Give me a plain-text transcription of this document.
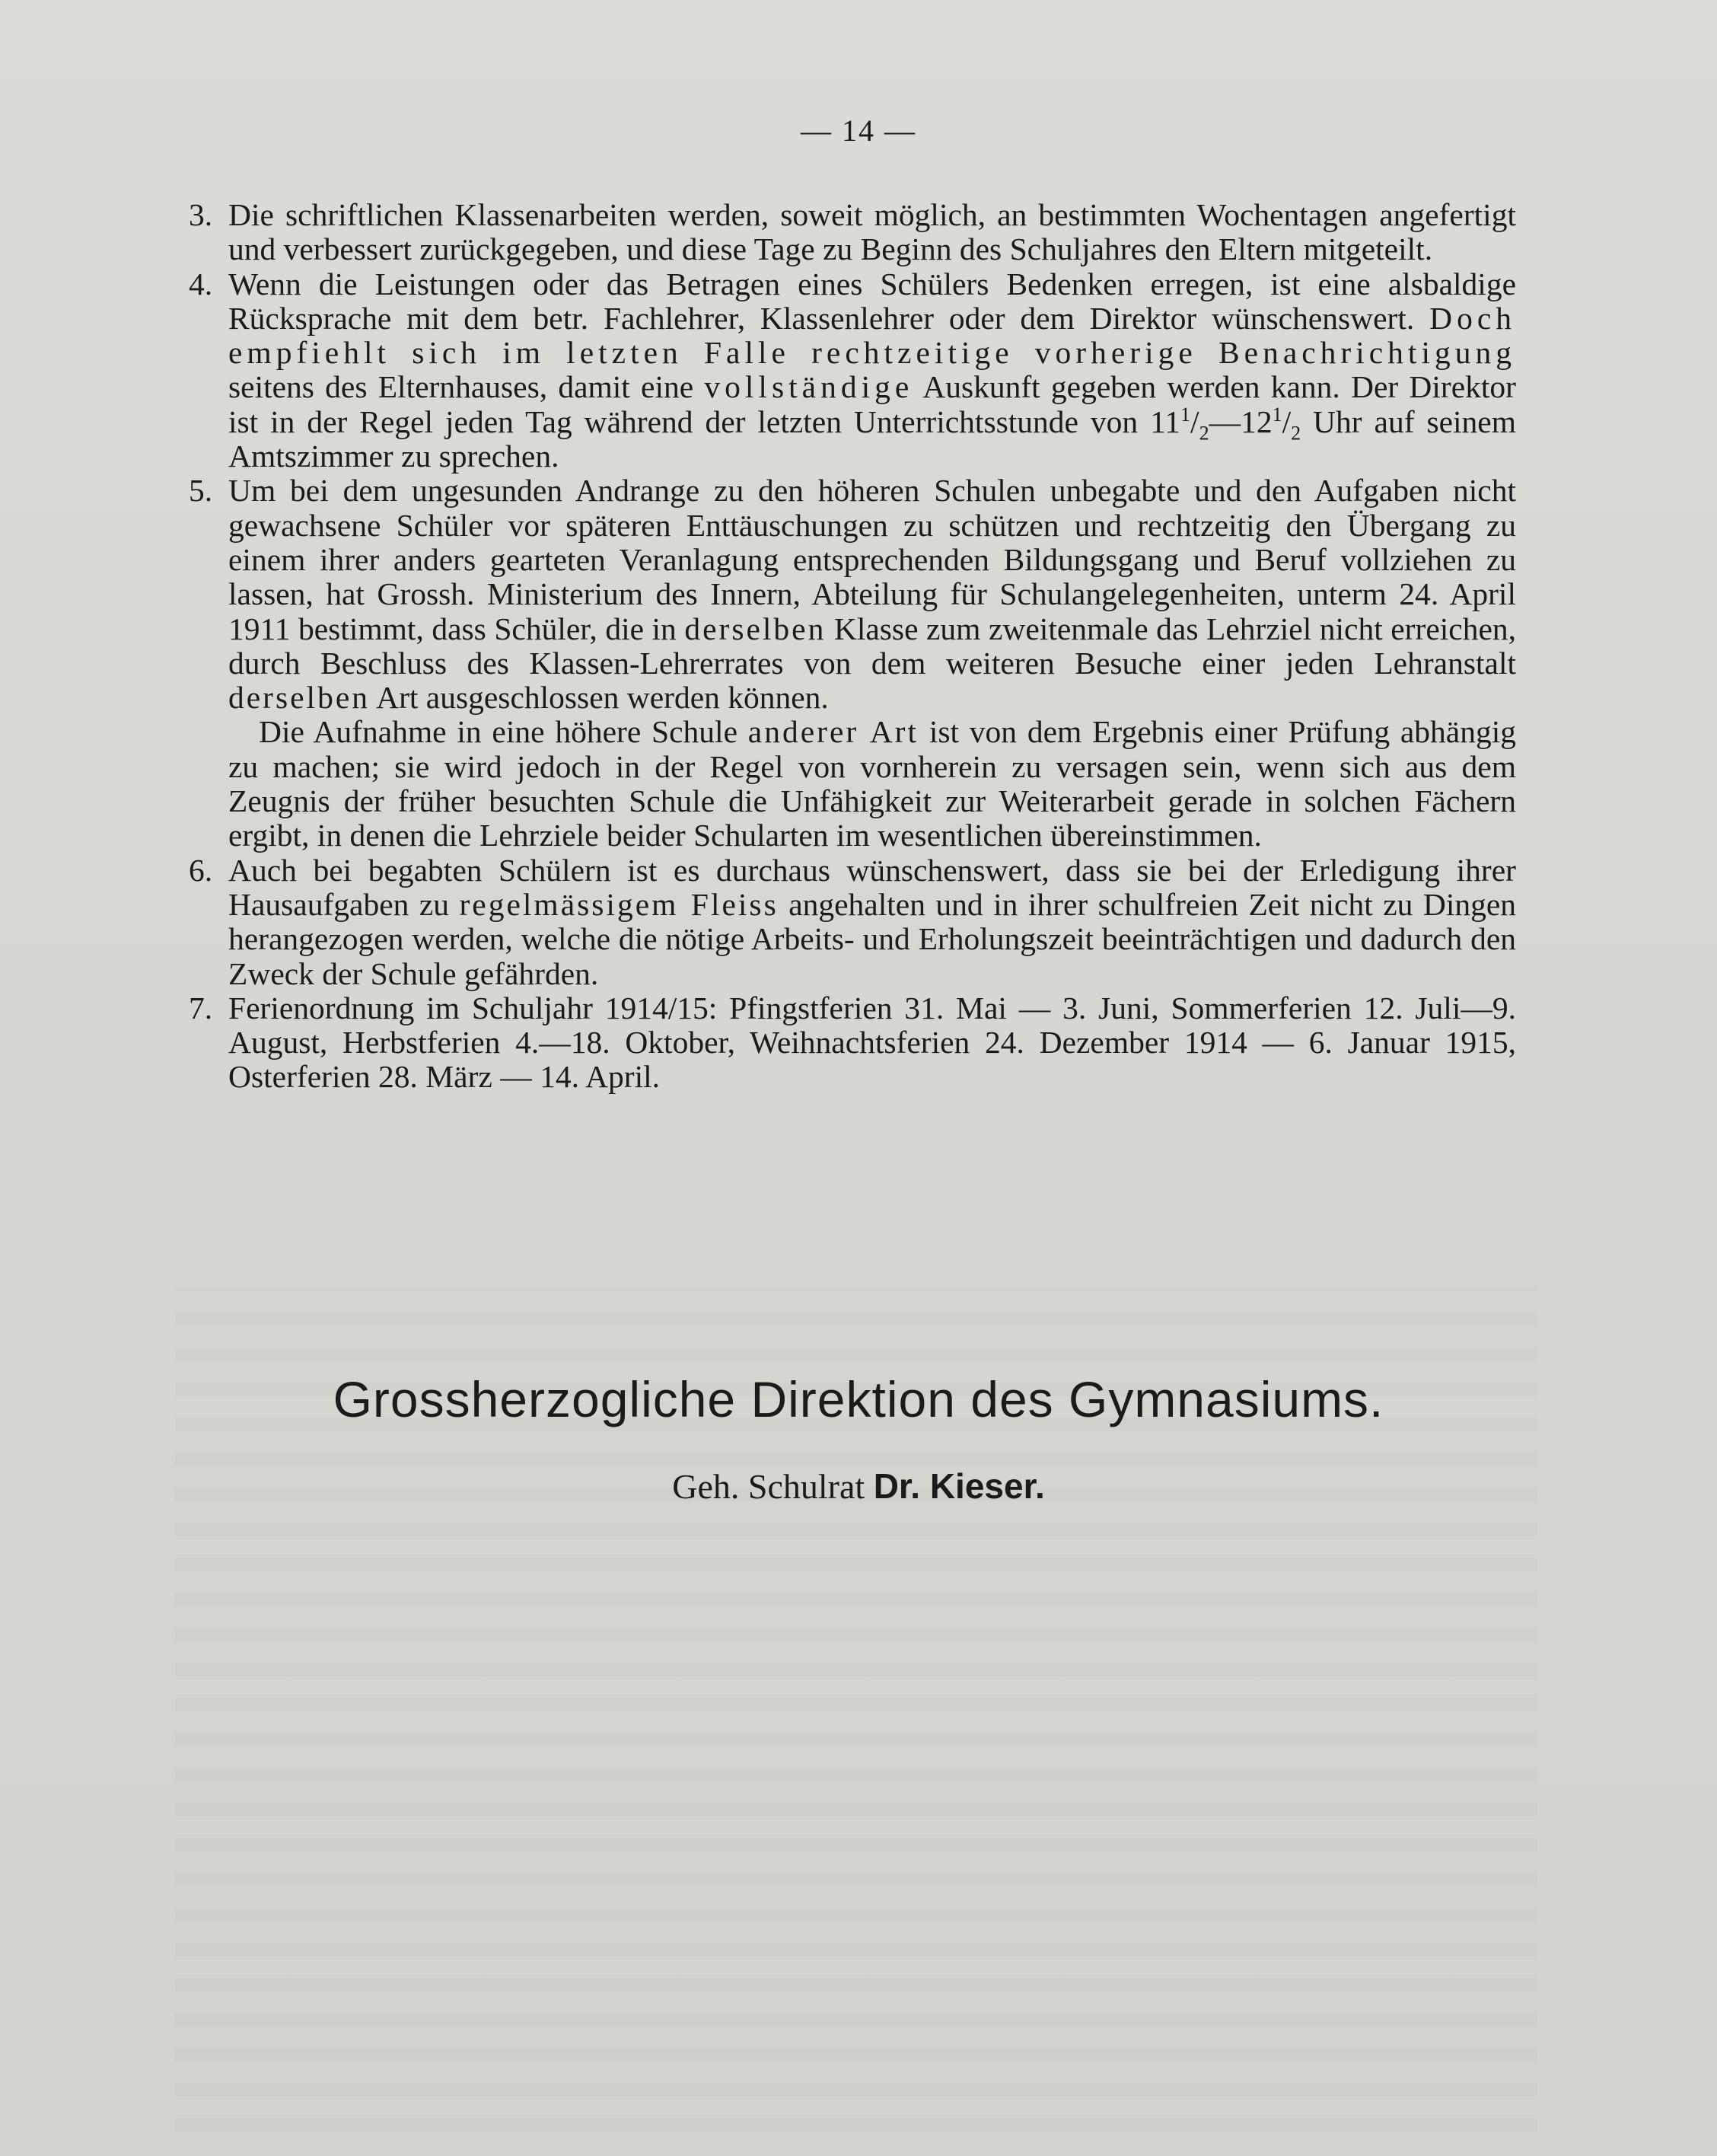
— 14 —
3. Die schriftlichen Klassenarbeiten werden, soweit möglich, an bestimmten Wochentagen angefertigt und verbessert zurückgegeben, und diese Tage zu Beginn des Schuljahres den Eltern mitgeteilt.
4. Wenn die Leistungen oder das Betragen eines Schülers Bedenken erregen, ist eine alsbaldige Rücksprache mit dem betr. Fachlehrer, Klassenlehrer oder dem Direktor wünschenswert. Doch empfiehlt sich im letzten Falle rechtzeitige vorherige Benachrichtigung seitens des Elternhauses, damit eine vollständige Auskunft gegeben werden kann. Der Direktor ist in der Regel jeden Tag während der letzten Unterrichtsstunde von $11^1/_2—12^1/_2$ Uhr auf seinem Amtszimmer zu sprechen.
5. Um bei dem ungesunden Andrange zu den höheren Schulen unbegabte und den Aufgaben nicht gewachsene Schüler vor späteren Enttäuschungen zu schützen und rechtzeitig den Übergang zu einem ihrer anders gearteten Veranlagung entsprechenden Bildungsgang und Beruf vollziehen zu lassen, hat Grossh. Ministerium des Innern, Abteilung für Schulangelegenheiten, unterm 24. April 1911 bestimmt, dass Schüler, die in derselben Klasse zum zweitenmale das Lehrziel nicht erreichen, durch Beschluss des Klassen-Lehrerrates von dem weiteren Besuche einer jeden Lehranstalt derselben Art ausgeschlossen werden können.

Die Aufnahme in eine höhere Schule anderer Art ist von dem Ergebnis einer Prüfung abhängig zu machen; sie wird jedoch in der Regel von vornherein zu versagen sein, wenn sich aus dem Zeugnis der früher besuchten Schule die Unfähigkeit zur Weiterarbeit gerade in solchen Fächern ergibt, in denen die Lehrziele beider Schularten im wesentlichen übereinstimmen.

6. Auch bei begabten Schülern ist es durchaus wünschenswert, dass sie bei der Erledigung ihrer Hausaufgaben zu regelmässigem Fleiss angehalten und in ihrer schulfreien Zeit nicht zu Dingen herangezogen werden, welche die nötige Arbeits- und Erholungszeit beeinträchtigen und dadurch den Zweck der Schule gefährden.
7. Ferienordnung im Schuljahr 1914/15: Pfingstferien 31. Mai — 3. Juni, Sommerferien 12. Juli—9. August, Herbstferien 4.—18. Oktober, Weihnachtsferien 24. Dezember 1914 — 6. Januar 1915, Osterferien 28. März — 14. April.
Grossherzogliche Direktion des Gymnasiums.
Geh. Schulrat Dr. Kieser.
